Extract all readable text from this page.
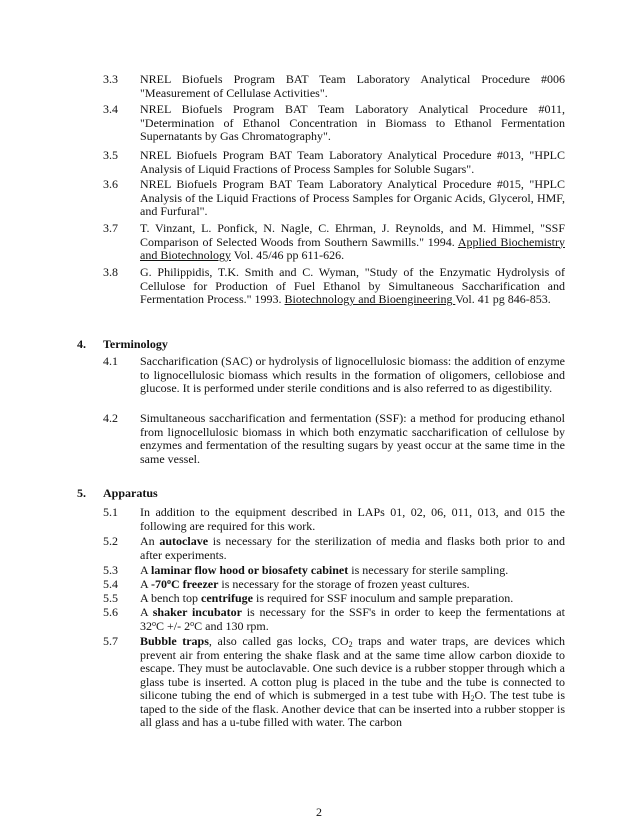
3.3 NREL Biofuels Program BAT Team Laboratory Analytical Procedure #006 "Measurement of Cellulase Activities".
3.4 NREL Biofuels Program BAT Team Laboratory Analytical Procedure #011, "Determination of Ethanol Concentration in Biomass to Ethanol Fermentation Supernatants by Gas Chromatography".
3.5 NREL Biofuels Program BAT Team Laboratory Analytical Procedure #013, "HPLC Analysis of Liquid Fractions of Process Samples for Soluble Sugars".
3.6 NREL Biofuels Program BAT Team Laboratory Analytical Procedure #015, "HPLC Analysis of the Liquid Fractions of Process Samples for Organic Acids, Glycerol, HMF, and Furfural".
3.7 T. Vinzant, L. Ponfick, N. Nagle, C. Ehrman, J. Reynolds, and M. Himmel, "SSF Comparison of Selected Woods from Southern Sawmills." 1994. Applied Biochemistry and Biotechnology Vol. 45/46 pp 611-626.
3.8 G. Philippidis, T.K. Smith and C. Wyman, "Study of the Enzymatic Hydrolysis of Cellulose for Production of Fuel Ethanol by Simultaneous Saccharification and Fermentation Process." 1993. Biotechnology and Bioengineering Vol. 41 pg 846-853.
4. Terminology
4.1 Saccharification (SAC) or hydrolysis of lignocellulosic biomass: the addition of enzyme to lignocellulosic biomass which results in the formation of oligomers, cellobiose and glucose. It is performed under sterile conditions and is also referred to as digestibility.
4.2 Simultaneous saccharification and fermentation (SSF): a method for producing ethanol from lignocellulosic biomass in which both enzymatic saccharification of cellulose by enzymes and fermentation of the resulting sugars by yeast occur at the same time in the same vessel.
5. Apparatus
5.1 In addition to the equipment described in LAPs 01, 02, 06, 011, 013, and 015 the following are required for this work.
5.2 An autoclave is necessary for the sterilization of media and flasks both prior to and after experiments.
5.3 A laminar flow hood or biosafety cabinet is necessary for sterile sampling.
5.4 A -70$^o$C freezer is necessary for the storage of frozen yeast cultures.
5.5 A bench top centrifuge is required for SSF inoculum and sample preparation.
5.6 A shaker incubator is necessary for the SSF's in order to keep the fermentations at $32^oC$ +/- 2$^o$C and 130 rpm.
5.7 Bubble traps, also called gas locks, $CO_2$ traps and water traps, are devices which prevent air from entering the shake flask and at the same time allow carbon dioxide to escape. They must be autoclavable. One such device is a rubber stopper through which a glass tube is inserted. A cotton plug is placed in the tube and the tube is connected to silicone tubing the end of which is submerged in a test tube with $H_2O$. The test tube is taped to the side of the flask. Another device that can be inserted into a rubber stopper is all glass and has a u-tube filled with water. The carbon
2
